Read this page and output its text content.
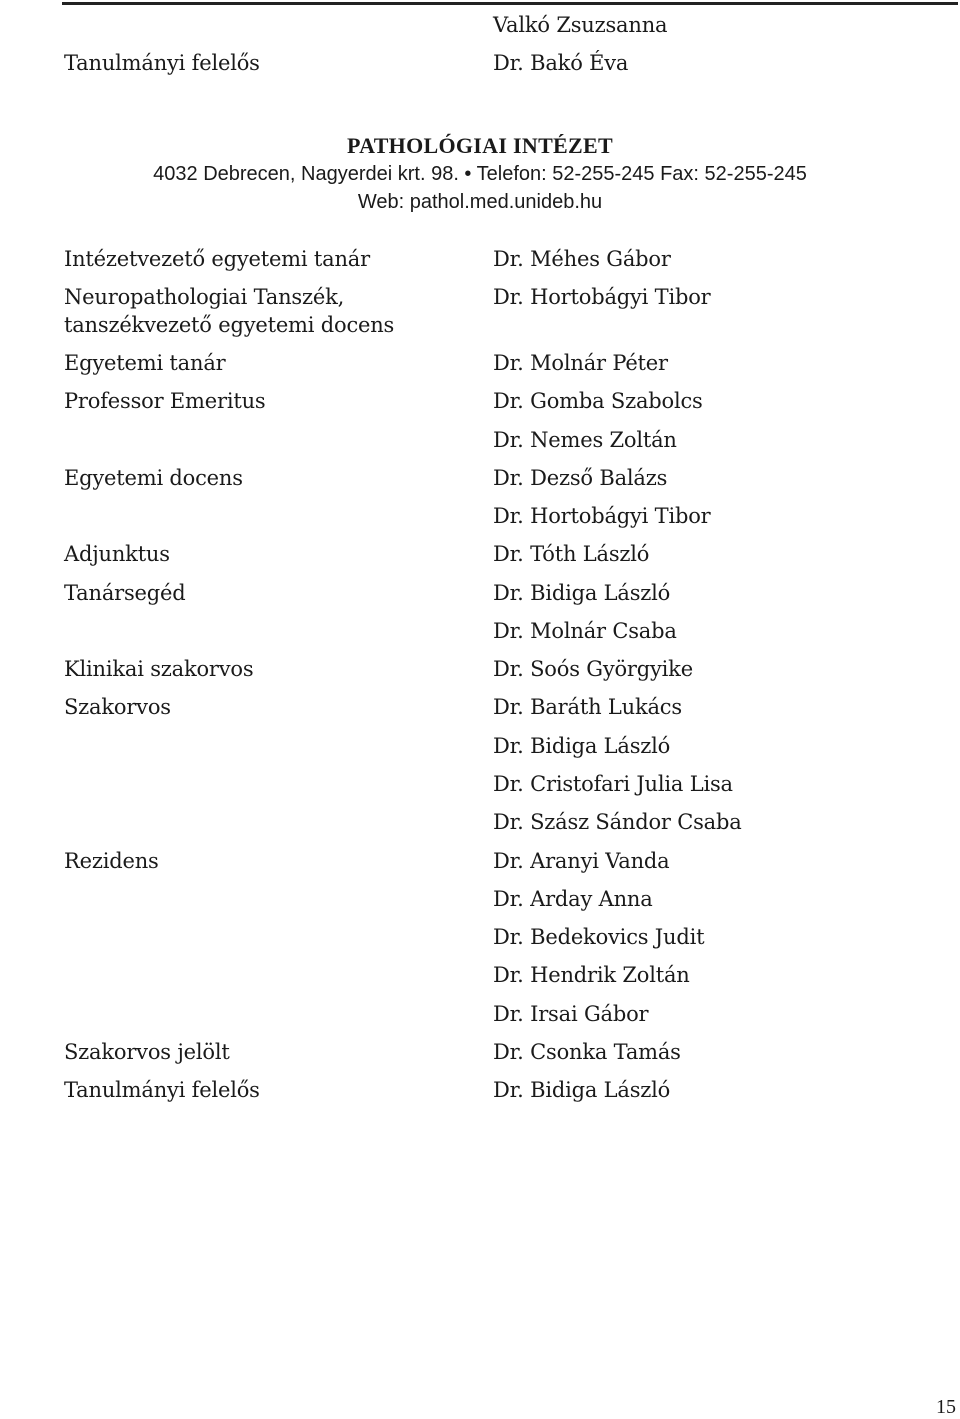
Valkó Zsuzsanna
Tanulmányi felelős	Dr. Bakó Éva
PATHOLÓGIAI INTÉZET
4032 Debrecen, Nagyerdei krt. 98. • Telefon: 52-255-245 Fax: 52-255-245
Web: pathol.med.unideb.hu
Intézetvezető egyetemi tanár
Neuropathologiai Tanszék,
tanszékvezető egyetemi docens
Egyetemi tanár
Professor Emeritus
Egyetemi docens
Adjunktus
Tanársegéd
Klinikai szakorvos
Szakorvos
Rezidens
Szakorvos jelölt
Tanulmányi felelős
Dr. Méhes Gábor
Dr. Hortobágyi Tibor
Dr. Molnár Péter
Dr. Gomba Szabolcs
Dr. Nemes Zoltán
Dr. Dezső Balázs
Dr. Hortobágyi Tibor
Dr. Tóth László
Dr. Bidiga László
Dr. Molnár Csaba
Dr. Soós Györgyike
Dr. Baráth Lukács
Dr. Bidiga László
Dr. Cristofari Julia Lisa
Dr. Szász Sándor Csaba
Dr. Aranyi Vanda
Dr. Arday Anna
Dr. Bedekovics Judit
Dr. Hendrik Zoltán
Dr. Irsai Gábor
Dr. Csonka Tamás
Dr. Bidiga László
15
